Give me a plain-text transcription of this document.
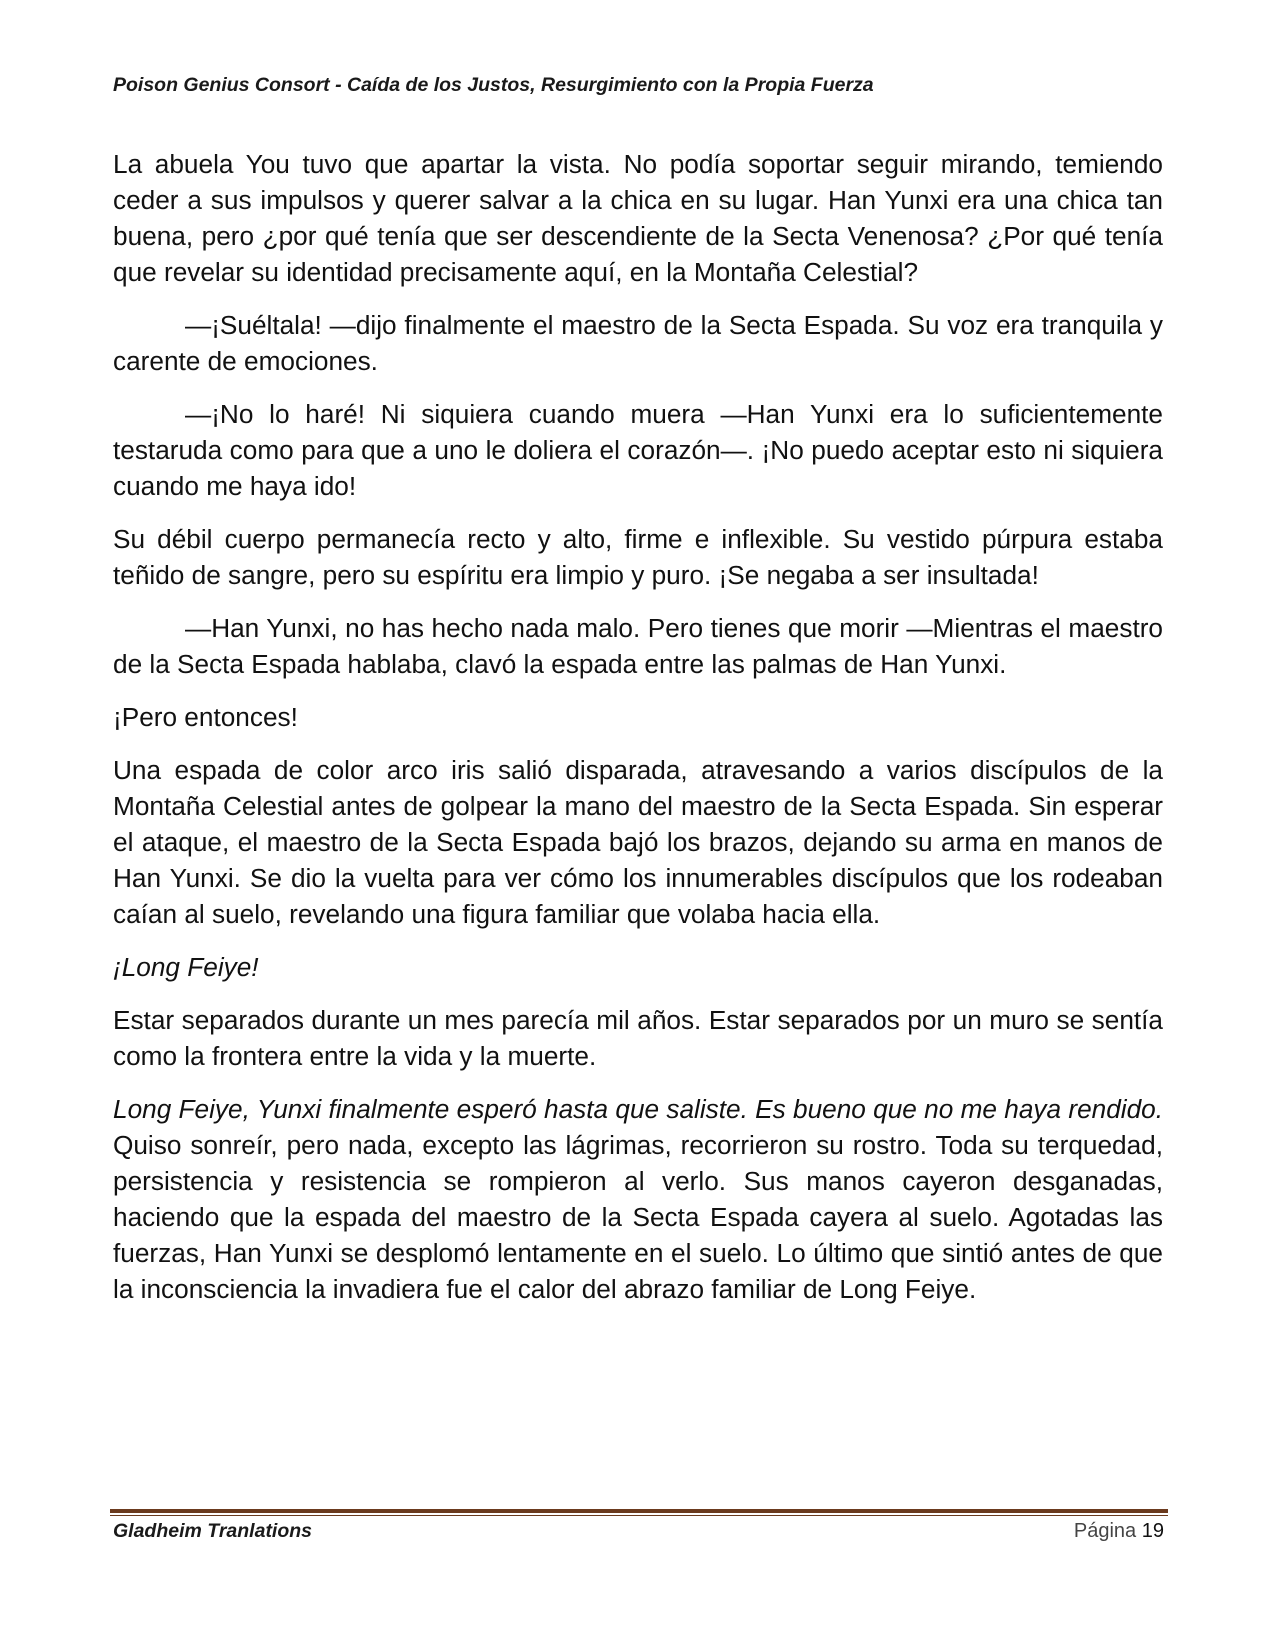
Poison Genius Consort - Caída de los Justos, Resurgimiento con la Propia Fuerza

La abuela You tuvo que apartar la vista. No podía soportar seguir mirando, temiendo ceder a sus impulsos y querer salvar a la chica en su lugar. Han Yunxi era una chica tan buena, pero ¿por qué tenía que ser descendiente de la Secta Venenosa? ¿Por qué tenía que revelar su identidad precisamente aquí, en la Montaña Celestial?

—¡Suéltala! —dijo finalmente el maestro de la Secta Espada. Su voz era tranquila y carente de emociones.

—¡No lo haré! Ni siquiera cuando muera —Han Yunxi era lo suficientemente testaruda como para que a uno le doliera el corazón—. ¡No puedo aceptar esto ni siquiera cuando me haya ido!

Su débil cuerpo permanecía recto y alto, firme e inflexible. Su vestido púrpura estaba teñido de sangre, pero su espíritu era limpio y puro. ¡Se negaba a ser insultada!

—Han Yunxi, no has hecho nada malo. Pero tienes que morir —Mientras el maestro de la Secta Espada hablaba, clavó la espada entre las palmas de Han Yunxi.

¡Pero entonces!

Una espada de color arco iris salió disparada, atravesando a varios discípulos de la Montaña Celestial antes de golpear la mano del maestro de la Secta Espada. Sin esperar el ataque, el maestro de la Secta Espada bajó los brazos, dejando su arma en manos de Han Yunxi. Se dio la vuelta para ver cómo los innumerables discípulos que los rodeaban caían al suelo, revelando una figura familiar que volaba hacia ella.

¡Long Feiye!

Estar separados durante un mes parecía mil años. Estar separados por un muro se sentía como la frontera entre la vida y la muerte.

Long Feiye, Yunxi finalmente esperó hasta que saliste. Es bueno que no me haya rendido. Quiso sonreír, pero nada, excepto las lágrimas, recorrieron su rostro. Toda su terquedad, persistencia y resistencia se rompieron al verlo. Sus manos cayeron desganadas, haciendo que la espada del maestro de la Secta Espada cayera al suelo. Agotadas las fuerzas, Han Yunxi se desplomó lentamente en el suelo. Lo último que sintió antes de que la inconsciencia la invadiera fue el calor del abrazo familiar de Long Feiye.

Gladheim Tranlations	Página 19
